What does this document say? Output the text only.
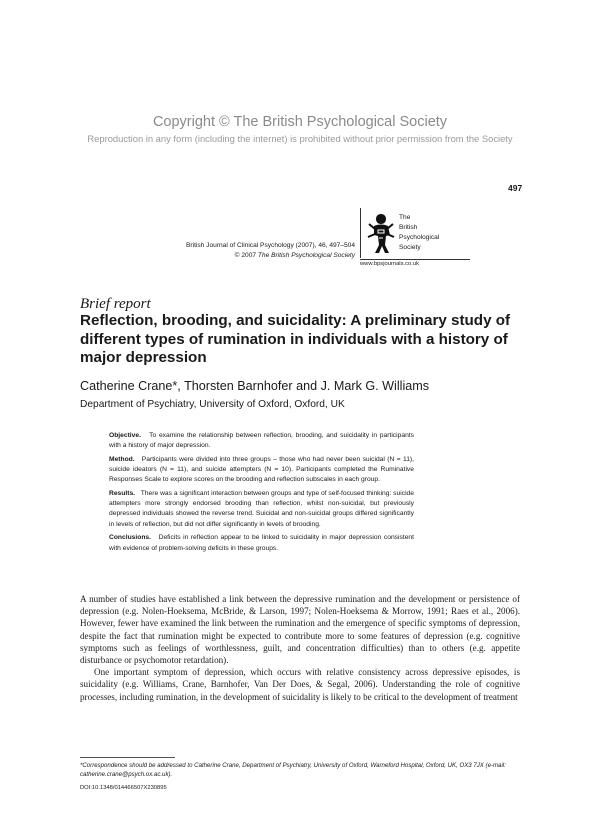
Copyright © The British Psychological Society
Reproduction in any form (including the internet) is prohibited without prior permission from the Society
497
British Journal of Clinical Psychology (2007), 46, 497–504
© 2007 The British Psychological Society
The
British
Psychological
Society
www.bpsjournals.co.uk
Brief report
Reflection, brooding, and suicidality: A preliminary study of different types of rumination in individuals with a history of major depression
Catherine Crane*, Thorsten Barnhofer and J. Mark G. Williams
Department of Psychiatry, University of Oxford, Oxford, UK

Objective. To examine the relationship between reflection, brooding, and suicidality in participants with a history of major depression.

Method. Participants were divided into three groups – those who had never been suicidal (N = 11), suicide ideators (N = 11), and suicide attempters (N = 10). Participants completed the Ruminative Responses Scale to explore scores on the brooding and reflection subscales in each group.

Results. There was a significant interaction between groups and type of self-focused thinking: suicide attempters more strongly endorsed brooding than reflection, whilst non-suicidal, but previously depressed individuals showed the reverse trend. Suicidal and non-suicidal groups differed significantly in levels of reflection, but did not differ significantly in levels of brooding.

Conclusions. Deficits in reflection appear to be linked to suicidality in major depression consistent with evidence of problem-solving deficits in these groups.

A number of studies have established a link between the depressive rumination and the development or persistence of depression (e.g. Nolen-Hoeksema, McBride, & Larson, 1997; Nolen-Hoeksema & Morrow, 1991; Raes et al., 2006). However, fewer have examined the link between the rumination and the emergence of specific symptoms of depression, despite the fact that rumination might be expected to contribute more to some features of depression (e.g. cognitive symptoms such as feelings of worthlessness, guilt, and concentration difficulties) than to others (e.g. appetite disturbance or psychomotor retardation).

One important symptom of depression, which occurs with relative consistency across depressive episodes, is suicidality (e.g. Williams, Crane, Barnhofer, Van Der Does, & Segal, 2006). Understanding the role of cognitive processes, including rumination, in the development of suicidality is likely to be critical to the development of treatment

*Correspondence should be addressed to Catherine Crane, Department of Psychiatry, University of Oxford, Warneford Hospital, Oxford, UK, OX3 7JX (e-mail: catherine.crane@psych.ox.ac.uk).
DOI:10.1348/014466507X230895
